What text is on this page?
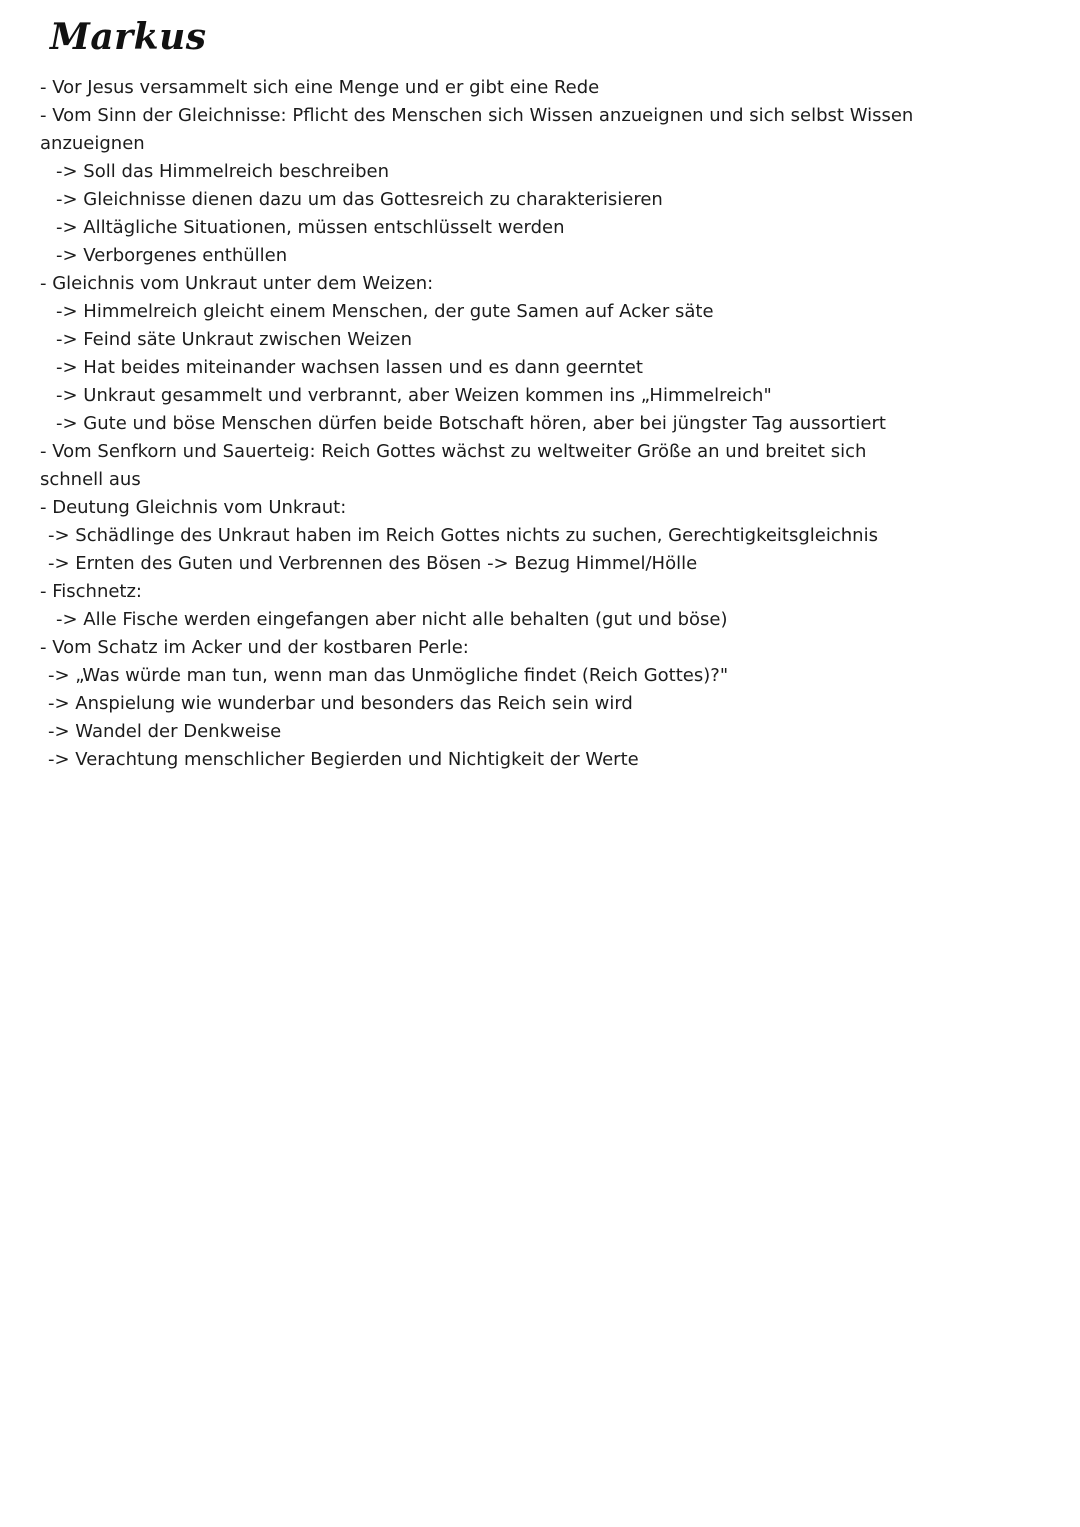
Markus
- Vor Jesus versammelt sich eine Menge und er gibt eine Rede
- Vom Sinn der Gleichnisse: Pflicht des Menschen sich Wissen anzueignen und sich selbst Wissen
anzueignen
-> Soll das Himmelreich beschreiben
-> Gleichnisse dienen dazu um das Gottesreich zu charakterisieren
-> Alltägliche Situationen, müssen entschlüsselt werden
-> Verborgenes enthüllen
- Gleichnis vom Unkraut unter dem Weizen:
-> Himmelreich gleicht einem Menschen, der gute Samen auf Acker säte
-> Feind säte Unkraut zwischen Weizen
-> Hat beides miteinander wachsen lassen und es dann geerntet
-> Unkraut gesammelt und verbrannt, aber Weizen kommen ins „Himmelreich"
-> Gute und böse Menschen dürfen beide Botschaft hören, aber bei jüngster Tag aussortiert
- Vom Senfkorn und Sauerteig: Reich Gottes wächst zu weltweiter Größe an und breitet sich
schnell aus
- Deutung Gleichnis vom Unkraut:
-> Schädlinge des Unkraut haben im Reich Gottes nichts zu suchen, Gerechtigkeitsgleichnis
-> Ernten des Guten und Verbrennen des Bösen -> Bezug Himmel/Hölle
- Fischnetz:
-> Alle Fische werden eingefangen aber nicht alle behalten (gut und böse)
- Vom Schatz im Acker und der kostbaren Perle:
-> „Was würde man tun, wenn man das Unmögliche findet (Reich Gottes)?"
-> Anspielung wie wunderbar und besonders das Reich sein wird
-> Wandel der Denkweise
-> Verachtung menschlicher Begierden und Nichtigkeit der Werte
